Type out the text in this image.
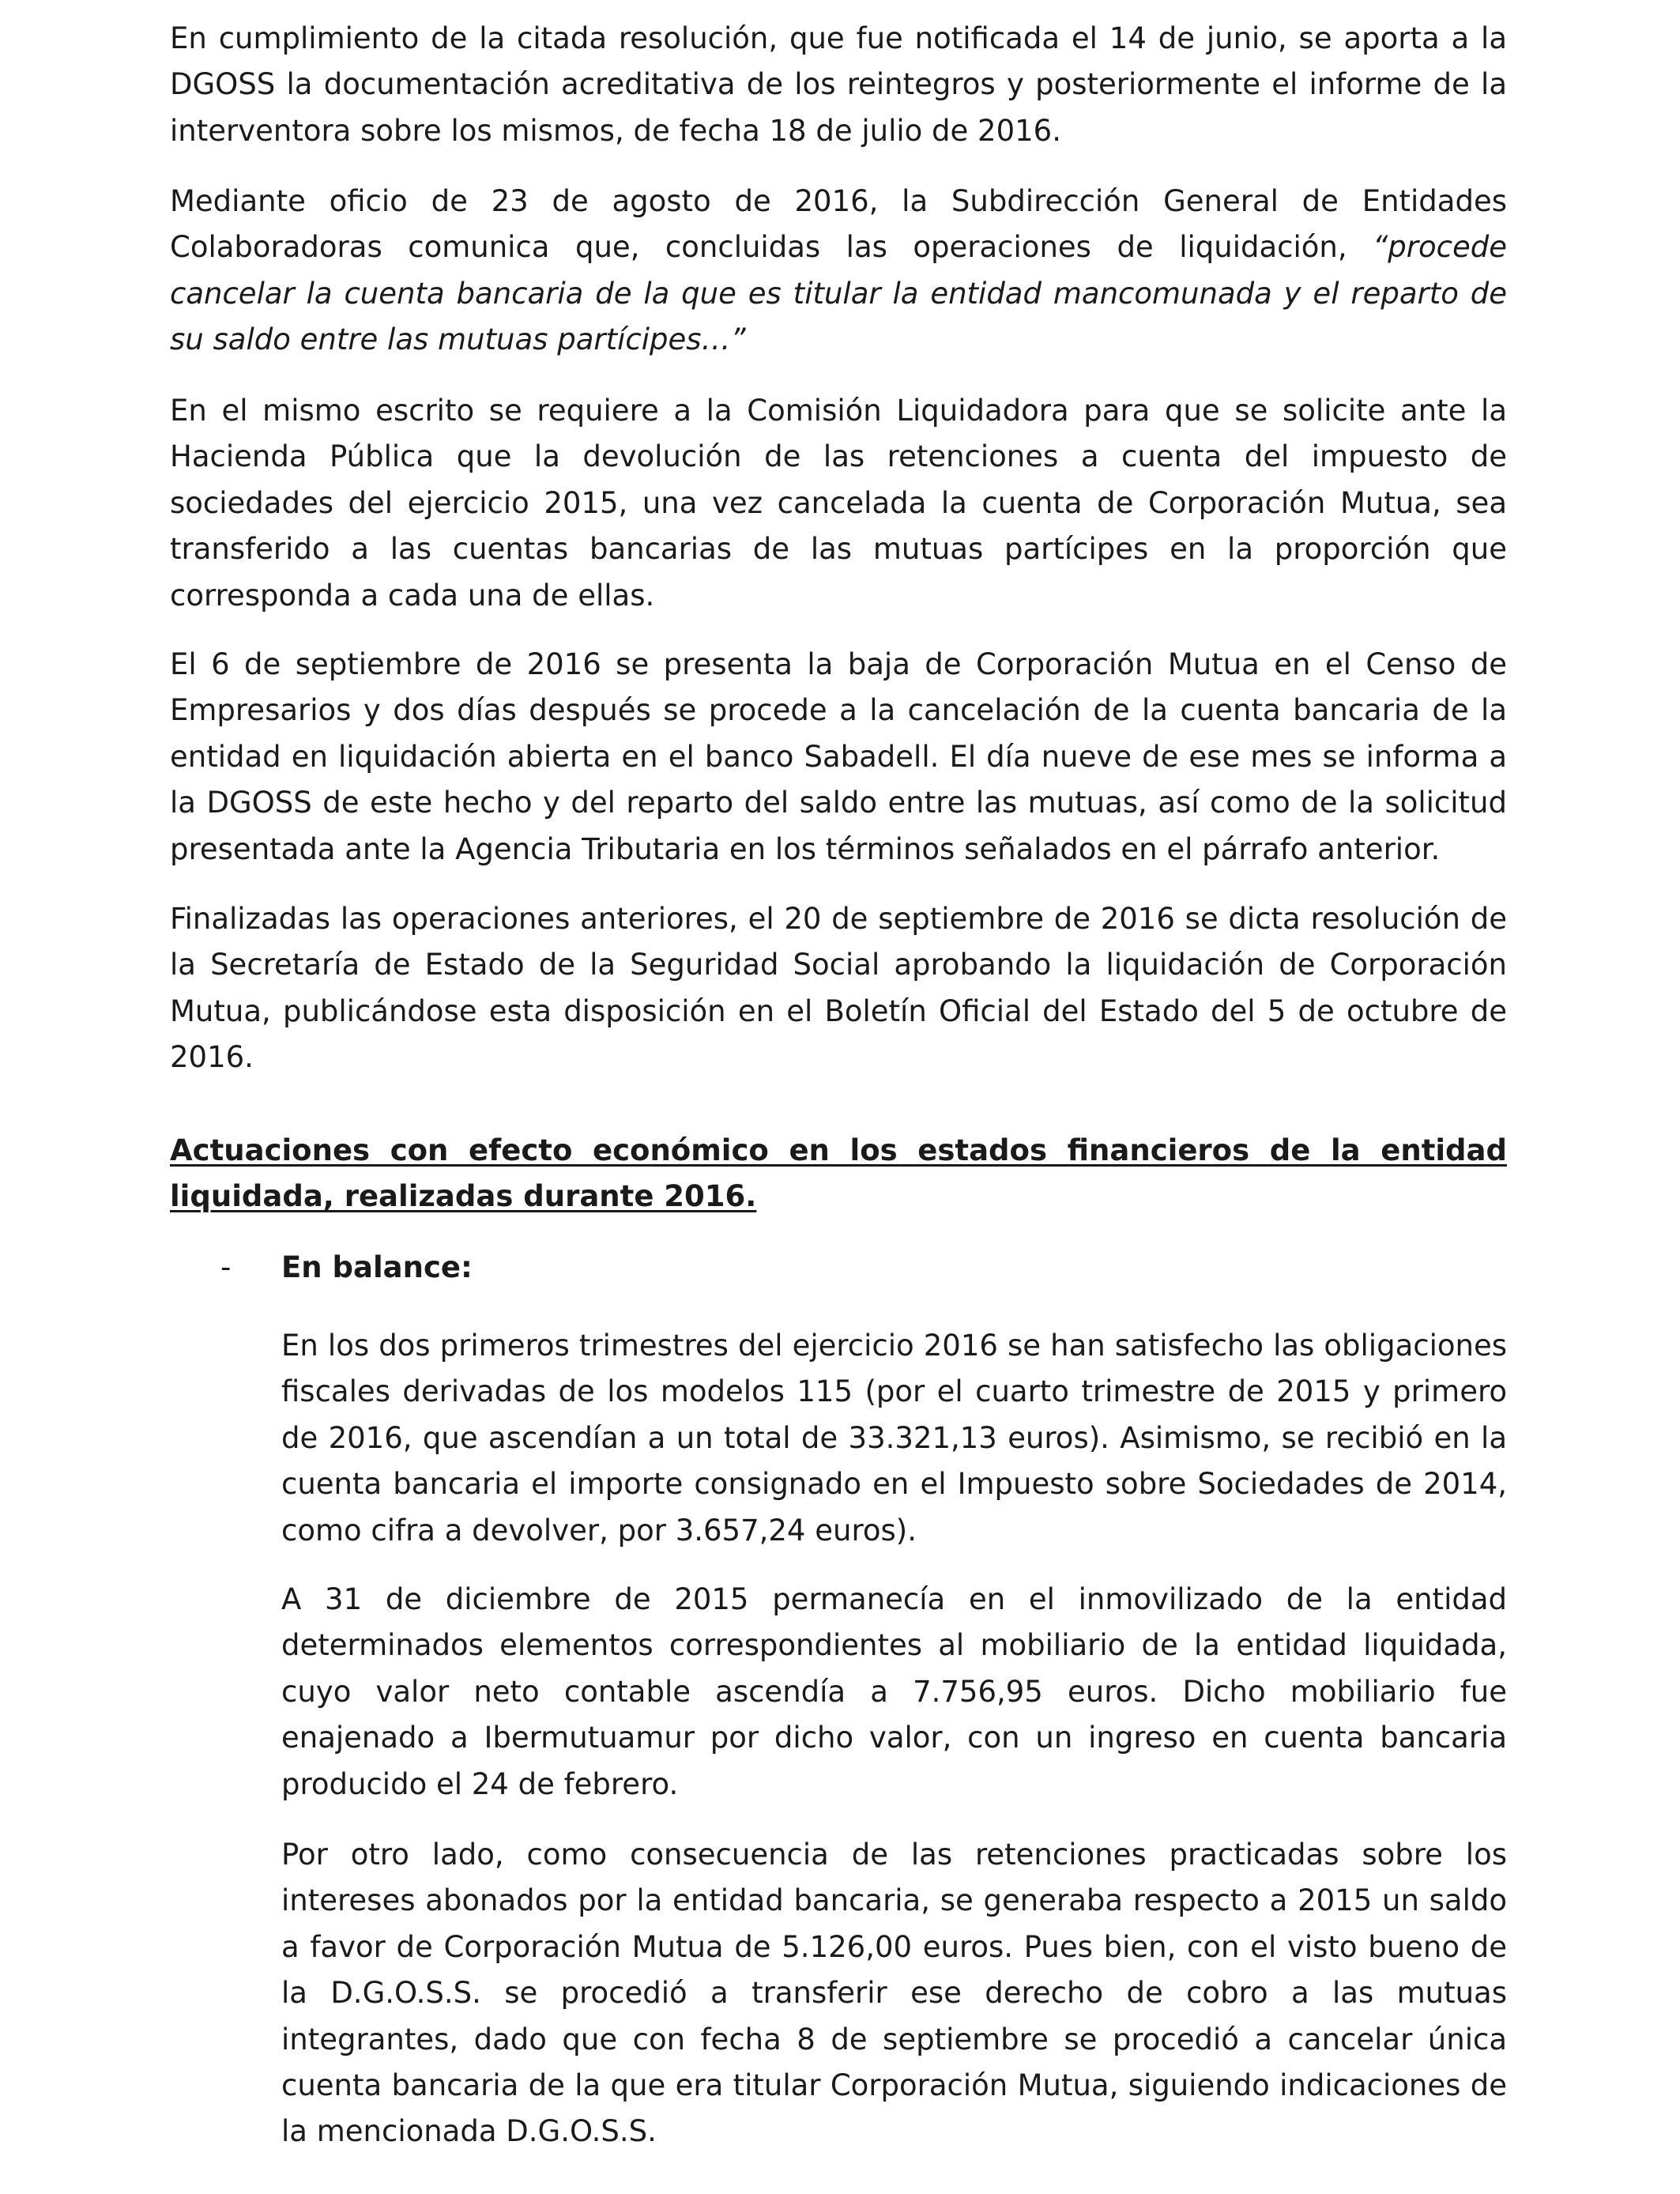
En cumplimiento de la citada resolución, que fue notificada el 14 de junio, se aporta a la DGOSS la documentación acreditativa de los reintegros y posteriormente el informe de la interventora sobre los mismos, de fecha 18 de julio de 2016.

Mediante oficio de 23 de agosto de 2016, la Subdirección General de Entidades Colaboradoras comunica que, concluidas las operaciones de liquidación, “procede cancelar la cuenta bancaria de la que es titular la entidad mancomunada y el reparto de su saldo entre las mutuas partícipes…”

En el mismo escrito se requiere a la Comisión Liquidadora para que se solicite ante la Hacienda Pública que la devolución de las retenciones a cuenta del impuesto de sociedades del ejercicio 2015, una vez cancelada la cuenta de Corporación Mutua, sea transferido a las cuentas bancarias de las mutuas partícipes en la proporción que corresponda a cada una de ellas.

El 6 de septiembre de 2016 se presenta la baja de Corporación Mutua en el Censo de Empresarios y dos días después se procede a la cancelación de la cuenta bancaria de la entidad en liquidación abierta en el banco Sabadell. El día nueve de ese mes se informa a la DGOSS de este hecho y del reparto del saldo entre las mutuas, así como de la solicitud presentada ante la Agencia Tributaria en los términos señalados en el párrafo anterior.

Finalizadas las operaciones anteriores, el 20 de septiembre de 2016 se dicta resolución de la Secretaría de Estado de la Seguridad Social aprobando la liquidación de Corporación Mutua, publicándose esta disposición en el Boletín Oficial del Estado del 5 de octubre de 2016.

Actuaciones con efecto económico en los estados financieros de la entidad liquidada, realizadas durante 2016.

- En balance:

En los dos primeros trimestres del ejercicio 2016 se han satisfecho las obligaciones fiscales derivadas de los modelos 115 (por el cuarto trimestre de 2015 y primero de 2016, que ascendían a un total de 33.321,13 euros). Asimismo, se recibió en la cuenta bancaria el importe consignado en el Impuesto sobre Sociedades de 2014, como cifra a devolver, por 3.657,24 euros).

A 31 de diciembre de 2015 permanecía en el inmovilizado de la entidad determinados elementos correspondientes al mobiliario de la entidad liquidada, cuyo valor neto contable ascendía a 7.756,95 euros. Dicho mobiliario fue enajenado a Ibermutuamur por dicho valor, con un ingreso en cuenta bancaria producido el 24 de febrero.

Por otro lado, como consecuencia de las retenciones practicadas sobre los intereses abonados por la entidad bancaria, se generaba respecto a 2015 un saldo a favor de Corporación Mutua de 5.126,00 euros. Pues bien, con el visto bueno de la D.G.O.S.S. se procedió a transferir ese derecho de cobro a las mutuas integrantes, dado que con fecha 8 de septiembre se procedió a cancelar única cuenta bancaria de la que era titular Corporación Mutua, siguiendo indicaciones de la mencionada D.G.O.S.S.
